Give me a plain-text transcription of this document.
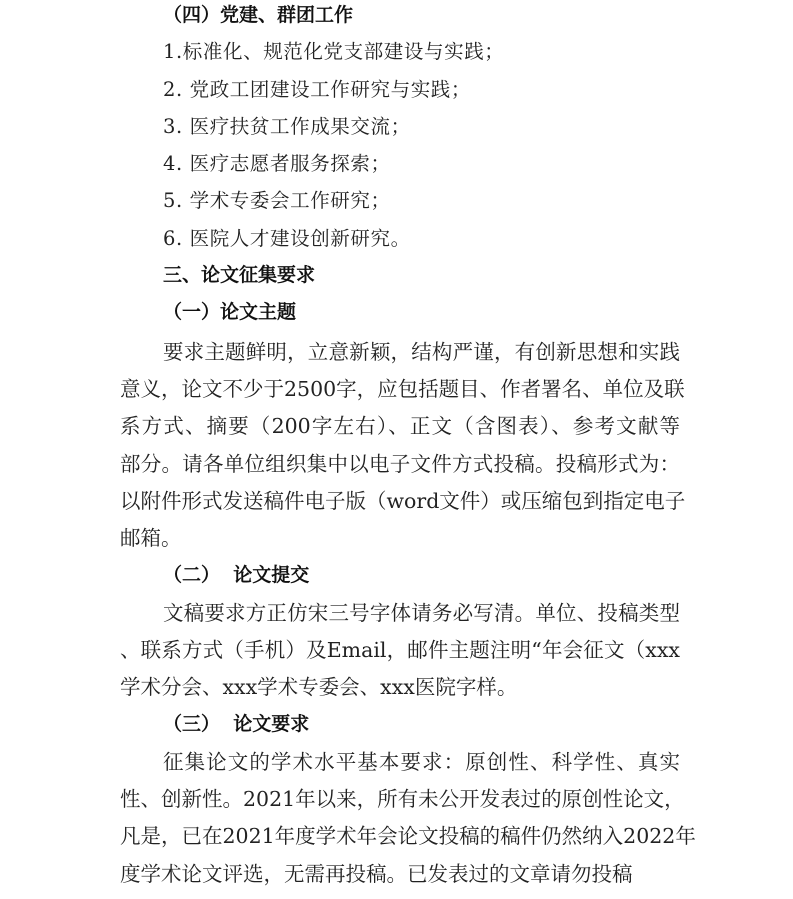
（四）党建、群团工作
1.标准化、规范化党支部建设与实践；
2. 党政工团建设工作研究与实践；
3. 医疗扶贫工作成果交流；
4. 医疗志愿者服务探索；
5. 学术专委会工作研究；
6. 医院人才建设创新研究。
三、论文征集要求
（一）论文主题
要求主题鲜明，立意新颖，结构严谨，有创新思想和实践
意义，论文不少于2500字，应包括题目、作者署名、单位及联
系方式、摘要（200字左右）、正文（含图表）、参考文献等
部分。请各单位组织集中以电子文件方式投稿。投稿形式为：
以附件形式发送稿件电子版（word文件）或压缩包到指定电子
邮箱。
（二）  论文提交
文稿要求方正仿宋三号字体请务必写清。单位、投稿类型
、联系方式（手机）及Email，邮件主题注明“年会征文（xxx
学术分会、xxx学术专委会、xxx医院字样。
（三）  论文要求
征集论文的学术水平基本要求：原创性、科学性、真实
性、创新性。2021年以来，所有未公开发表过的原创性论文，
凡是，已在2021年度学术年会论文投稿的稿件仍然纳入2022年
度学术论文评选，无需再投稿。已发表过的文章请勿投稿
